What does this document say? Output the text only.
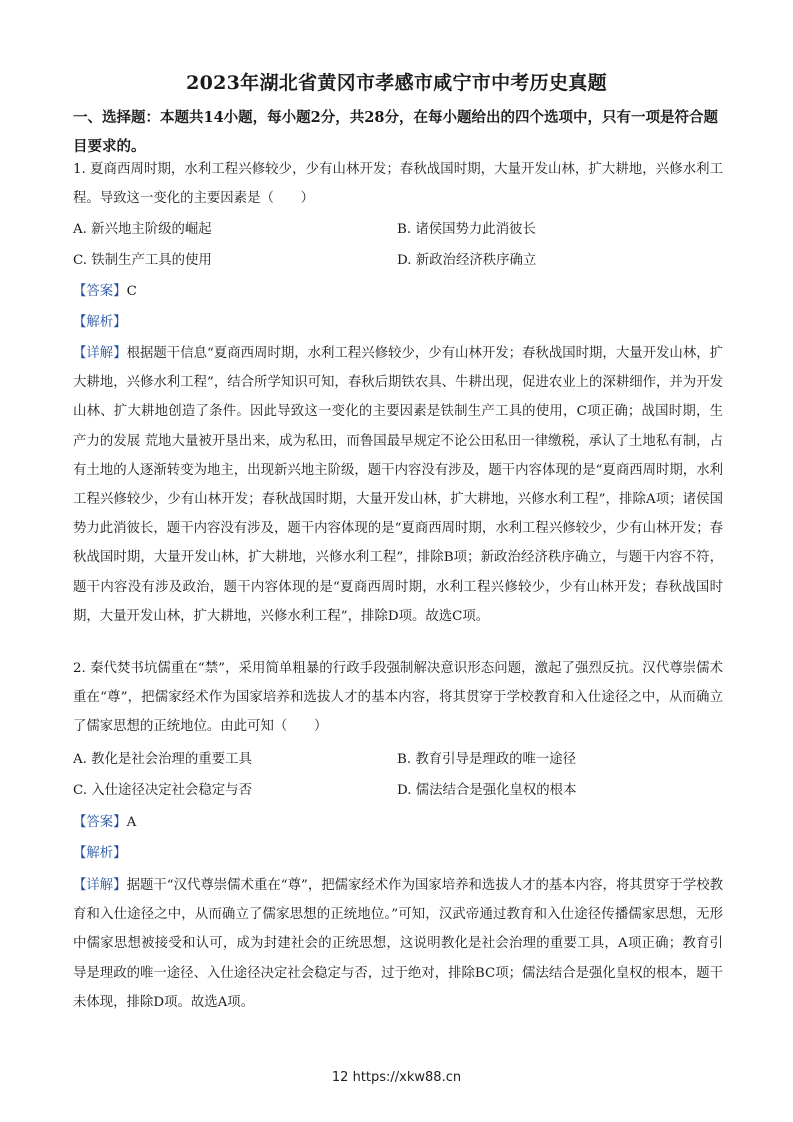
2023年湖北省黄冈市孝感市咸宁市中考历史真题
一、选择题：本题共14小题，每小题2分，共28分，在每小题给出的四个选项中，只有一项是符合题目要求的。
1. 夏商西周时期，水利工程兴修较少，少有山林开发；春秋战国时期，大量开发山林，扩大耕地，兴修水利工程。导致这一变化的主要因素是（　　）
A. 新兴地主阶级的崛起	B. 诸侯国势力此消彼长
C. 铁制生产工具的使用	D. 新政治经济秩序确立
【答案】C
【解析】
【详解】根据题干信息“夏商西周时期，水利工程兴修较少，少有山林开发；春秋战国时期，大量开发山林，扩大耕地，兴修水利工程”，结合所学知识可知，春秋后期铁农具、牛耕出现，促进农业上的深耕细作，并为开发山林、扩大耕地创造了条件。因此导致这一变化的主要因素是铁制生产工具的使用，C项正确；战国时期，生产力的发展 荒地大量被开垦出来，成为私田，而鲁国最早规定不论公田私田一律缴税，承认了土地私有制，占有土地的人逐渐转变为地主，出现新兴地主阶级，题干内容没有涉及，题干内容体现的是“夏商西周时期，水利工程兴修较少，少有山林开发；春秋战国时期，大量开发山林，扩大耕地，兴修水利工程”，排除A项；诸侯国势力此消彼长，题干内容没有涉及，题干内容体现的是“夏商西周时期，水利工程兴修较少，少有山林开发；春秋战国时期，大量开发山林，扩大耕地，兴修水利工程”，排除B项；新政治经济秩序确立，与题干内容不符，题干内容没有涉及政治，题干内容体现的是“夏商西周时期，水利工程兴修较少，少有山林开发；春秋战国时期，大量开发山林，扩大耕地，兴修水利工程”，排除D项。故选C项。
2. 秦代焚书坑儒重在“禁”，采用简单粗暴的行政手段强制解决意识形态问题，激起了强烈反抗。汉代尊崇儒术重在“尊”，把儒家经术作为国家培养和选拔人才的基本内容，将其贯穿于学校教育和入仕途径之中，从而确立了儒家思想的正统地位。由此可知（　　）
A. 教化是社会治理的重要工具	B. 教育引导是理政的唯一途径
C. 入仕途径决定社会稳定与否	D. 儒法结合是强化皇权的根本
【答案】A
【解析】
【详解】据题干“汉代尊崇儒术重在“尊”，把儒家经术作为国家培养和选拔人才的基本内容，将其贯穿于学校教育和入仕途径之中，从而确立了儒家思想的正统地位。”可知，汉武帝通过教育和入仕途径传播儒家思想，无形中儒家思想被接受和认可，成为封建社会的正统思想，这说明教化是社会治理的重要工具，A项正确；教育引导是理政的唯一途径、入仕途径决定社会稳定与否，过于绝对，排除BC项；儒法结合是强化皇权的根本，题干未体现，排除D项。故选A项。
12 https://xkw88.cn
